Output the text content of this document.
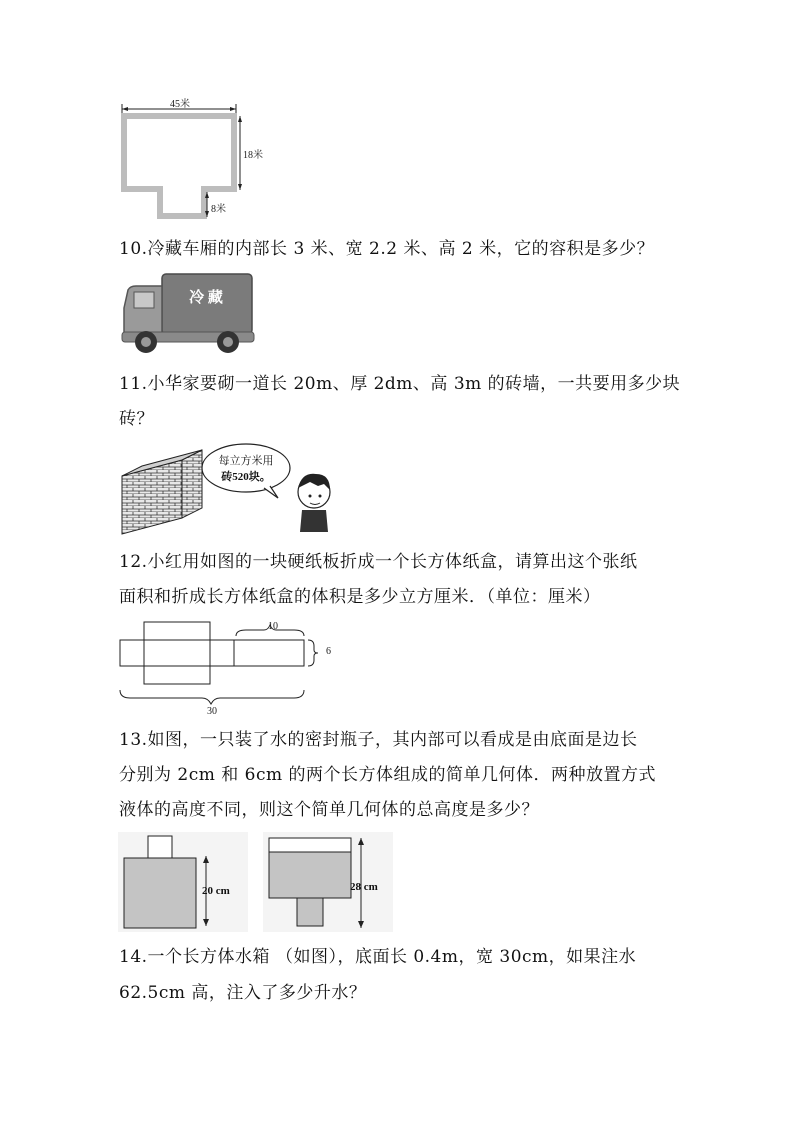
45米
18米
8米
10.冷藏车厢的内部长 3 米、宽 2.2 米、高 2 米，它的容积是多少？
冷 藏
11.小华家要砌一道长 20m、厚 2dm、高 3m 的砖墙，一共要用多少块
砖？
每立方米用
砖520块。
12.小红用如图的一块硬纸板折成一个长方体纸盒，请算出这个张纸
面积和折成长方体纸盒的体积是多少立方厘米．（单位：厘米）
10
6
30
13.如图，一只装了水的密封瓶子，其内部可以看成是由底面是边长
分别为 2cm 和 6cm 的两个长方体组成的简单几何体．两种放置方式
液体的高度不同，则这个简单几何体的总高度是多少？
20 cm	28 cm
14.一个长方体水箱 （如图），底面长 0.4m，宽 30cm，如果注水
62.5cm 高，注入了多少升水？
